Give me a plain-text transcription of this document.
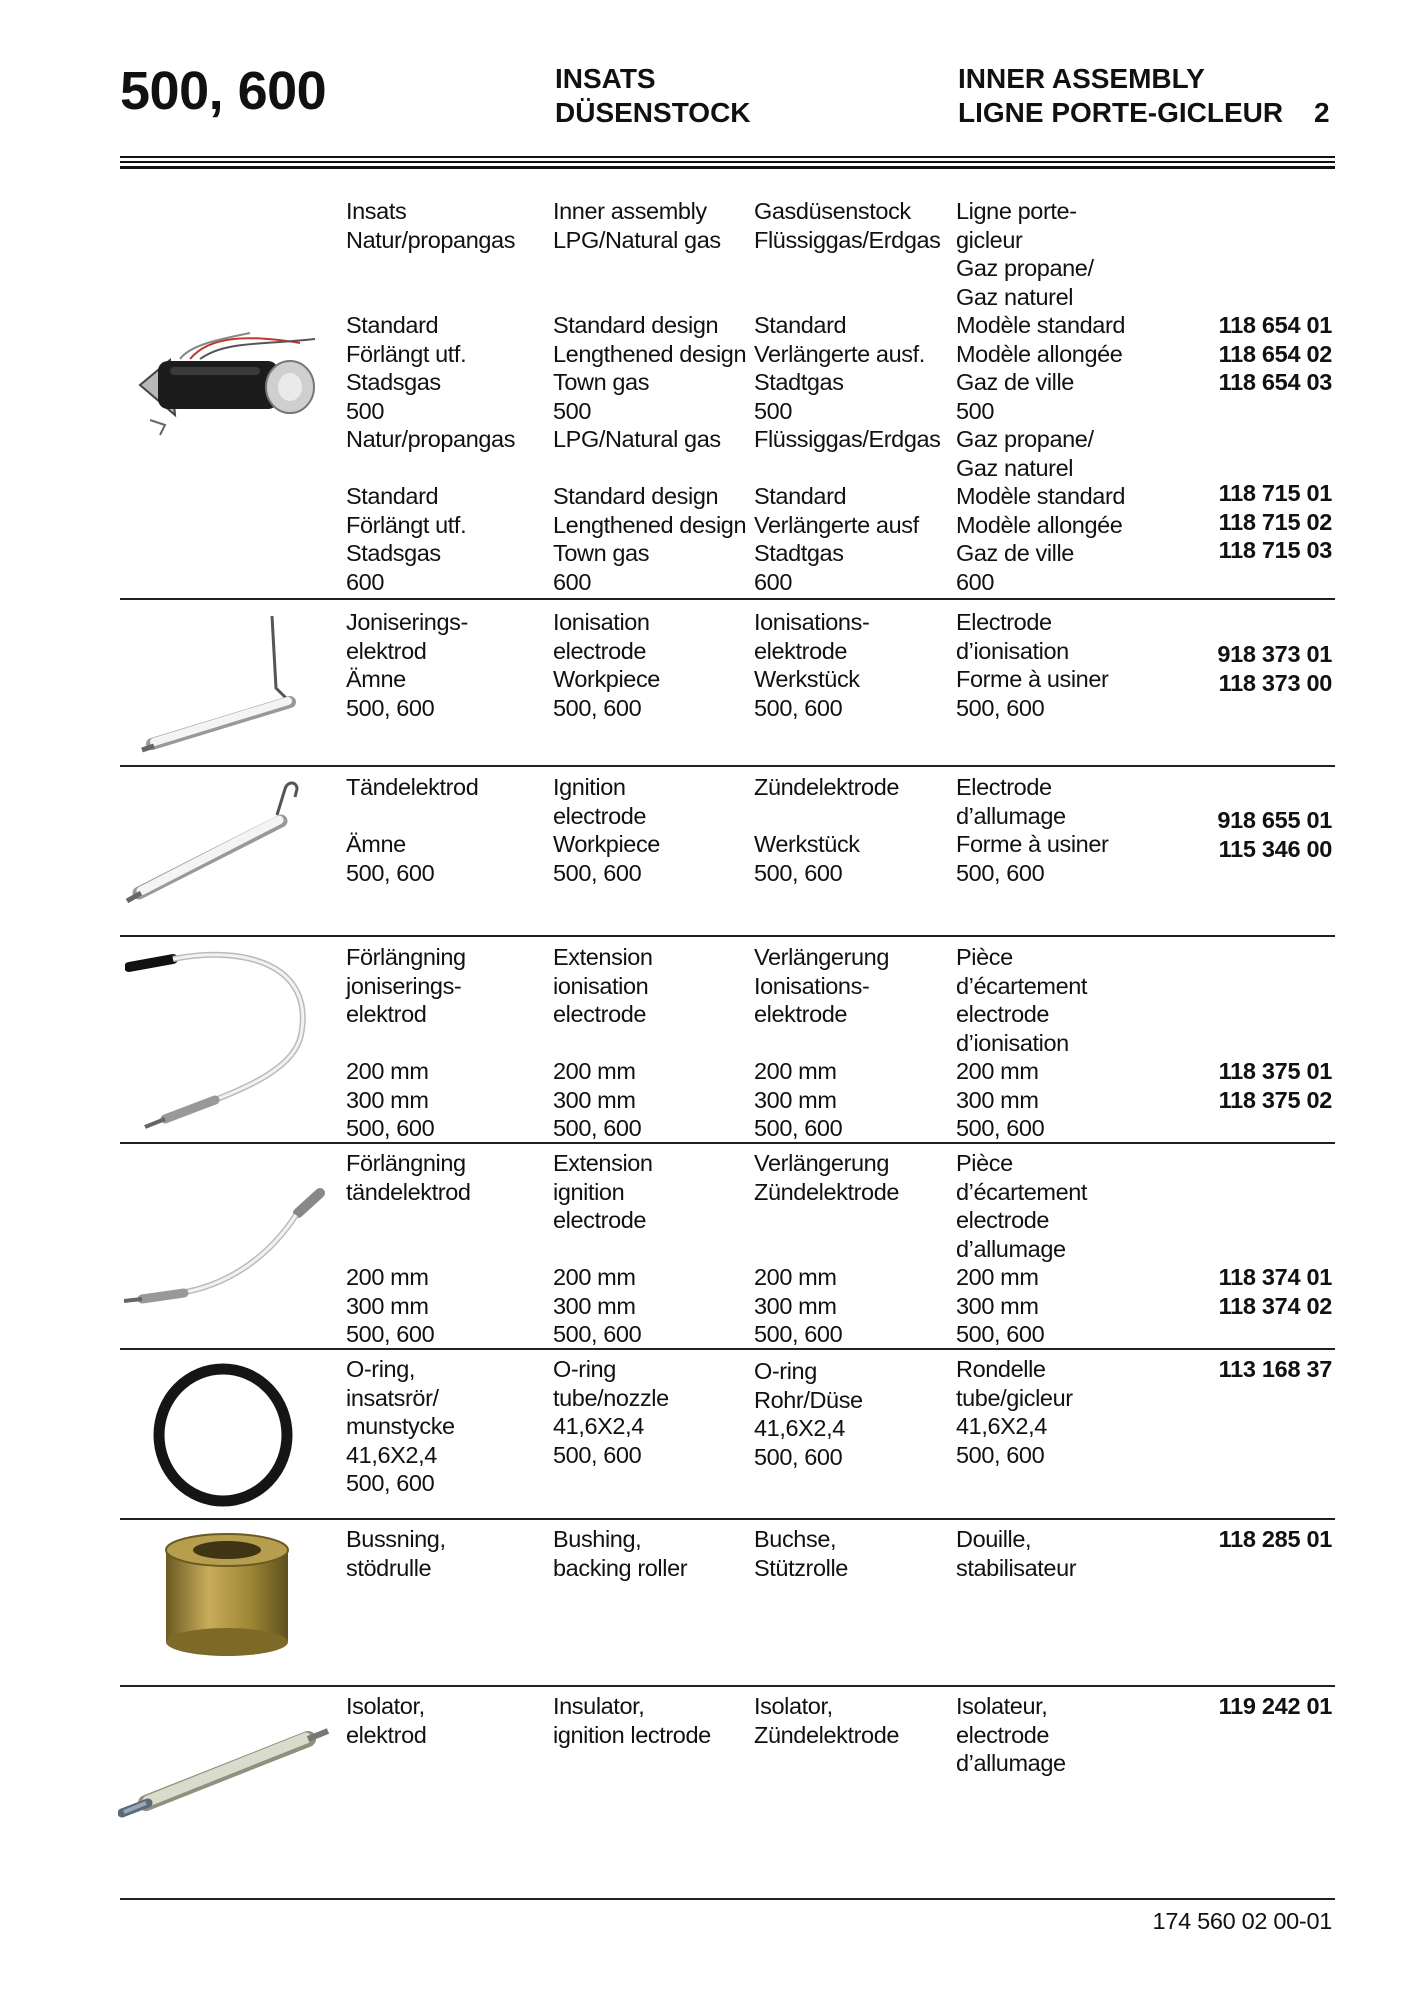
500, 600	INSATS
DÜSENSTOCK
INNER ASSEMBLY
LIGNE PORTE-GICLEUR 2
Insats
Natur/propangas
Standard
Förlängt utf.
Stadsgas
500
Natur/propangas
Standard
Förlängt utf.
Stadsgas
600
Inner assembly
LPG/Natural gas
Standard design
Lengthened design
Town gas
500
LPG/Natural gas
Standard design
Lengthened design
Town gas
600
Gasdüsenstock
Flüssiggas/Erdgas
Standard
Verlängerte ausf.
Stadtgas
500
Flüssiggas/Erdgas
Standard
Verlängerte ausf
Stadtgas
600
Ligne porte-
gicleur
Gaz propane/
Gaz naturel
Modèle standard
Modèle allongée
Gaz de ville
500
Gaz propane/
Gaz naturel
Modèle standard
Modèle allongée
Gaz de ville
600
118 654 01
118 654 02
118 654 03
118 715 01
118 715 02
118 715 03
Joniserings-
elektrod
Ämne
500, 600
Ionisation
electrode
Workpiece
500, 600
Ionisations-
elektrode
Werkstück
500, 600
Electrode
d’ionisation
Forme à usiner
500, 600
918 373 01
118 373 00
Tändelektrod
Ämne
500, 600
Ignition
electrode
Workpiece
500, 600
Zündelektrode
Werkstück
500, 600
Electrode
d’allumage
Forme à usiner
500, 600
918 655 01
115 346 00
Förlängning
joniserings-
elektrod
200 mm
300 mm
500, 600
Extension
ionisation
electrode
200 mm
300 mm
500, 600
Verlängerung
Ionisations-
elektrode
200 mm
300 mm
500, 600
Pièce
d’écartement
electrode
d’ionisation
200 mm
300 mm
500, 600
118 375 01
118 375 02
Förlängning
tändelektrod
200 mm
300 mm
500, 600
Extension
ignition
electrode
200 mm
300 mm
500, 600
Verlängerung
Zündelektrode
200 mm
300 mm
500, 600
Pièce
d’écartement
electrode
d’allumage
200 mm
300 mm
500, 600
118 374 01
118 374 02
O-ring,
insatsrör/
munstycke
41,6X2,4
500, 600
O-ring
tube/nozzle
41,6X2,4
500, 600
O-ring
Rohr/Düse
41,6X2,4
500, 600
Rondelle
tube/gicleur
41,6X2,4
500, 600
113 168 37
Bussning,
stödrulle
Bushing,
backing roller
Buchse,
Stützrolle
Douille,
stabilisateur
118 285 01
Isolator,
elektrod
Insulator,
ignition lectrode
Isolator,
Zündelektrode
Isolateur,
electrode
d’allumage
119 242 01
174 560 02 00-01
